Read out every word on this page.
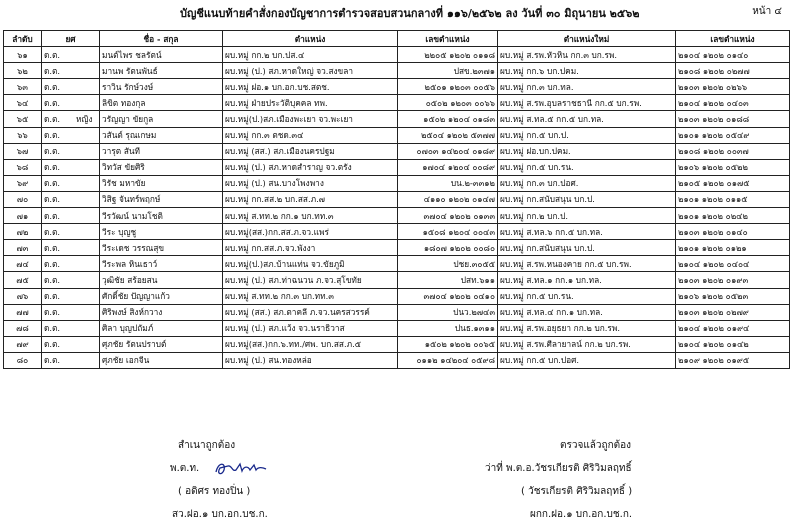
บัญชีแนบท้ายคำสั่งกองบัญชาการตำรวจสอบสวนกลางที่ ๑๑๖/๒๕๖๒ ลง วันที่ ๓๐ มิถุนายน ๒๕๖๒	หน้า ๔
ลำดับ	ยศ		ชื่อ - สกุล	ตำแหน่ง	เลขตำแหน่ง	ตำแหน่งใหม่	เลขตำแหน่ง
๖๑	ด.ต.		มนต์ไพร ชลรัตน์	ผบ.หมู่ กก.๒ บก.ปส.๔	๒๒๐๕ ๑๒๐๒ ๐๑๑๘	ผบ.หมู่ ส.รพ.หัวหิน กก.๓ บก.รพ.	๒๑๐๔ ๑๒๐๒ ๐๑๔๐
๖๒	ด.ต.		มานพ รัตนพันธ์	ผบ.หมู่ (ป.) สภ.หาดใหญ่ จว.สงขลา	ปสข.๒๓๗๑	ผบ.หมู่ กก.๖ บก.ปคม.	๒๑๐๘ ๑๒๐๒ ๐๒๗๗
๖๓	ด.ต.		ราวิน รักษ์วงษ์	ผบ.หมู่ ฝอ.๑ บก.อก.บช.สตช.	๒๕๐๑ ๑๒๐๓ ๐๐๕๖	ผบ.หมู่ กก.๓ บก.ทล.	๒๑๐๓ ๑๒๐๒ ๐๒๖๖
๖๔	ด.ต.		ลิขิต ทองกุล	ผบ.หมู่ ฝ่ายประวัติบุคคล ทพ.	๐๕๐๒ ๑๒๐๓ ๐๐๖๖	ผบ.หมู่ ส.รพ.อุบลราชธานี กก.๕ บก.รพ.	๒๑๐๔ ๑๒๐๒ ๐๔๐๓
๖๕	ด.ต.	หญิง	วรัญญา ขัยกูล	ผบ.หมู่(ป.)สภ.เมืองพะเยา จว.พะเยา	๑๕๐๒ ๑๒๐๔ ๐๑๘๓	ผบ.หมู่ ส.ทล.๕ กก.๕ บก.ทล.	๒๑๐๓ ๑๒๐๒ ๐๑๘๘
๖๖	ด.ต.		วสันต์ รุณเกษม	ผบ.หมู่ กก.๓ ตชด.๓๔	๒๕๐๔ ๑๒๐๒ ๕๓๗๗	ผบ.หมู่ กก.๕ บก.ป.	๒๑๐๑ ๑๒๐๒ ๐๕๔๙
๖๗	ด.ต.		วารุต สันที	ผบ.หมู่ (สส.) สภ.เมืองนครปฐม	๐๗๐๓ ๑๔๒๐๔ ๐๑๘๙	ผบ.หมู่ ฝอ.บก.ปคม.	๒๑๐๘ ๑๒๐๒ ๐๐๓๗
๖๘	ด.ต.		วิทวัส ขัยศิริ	ผบ.หมู่ (ป.) สภ.หาดสำราญ จว.ตรัง	๑๗๐๔ ๑๒๐๔ ๐๐๘๙	ผบ.หมู่ กก.๕ บก.รน.	๒๑๐๖ ๑๒๐๒ ๐๕๒๒
๖๙	ด.ต.		วิรัช มหาขัย	ผบ.หมู่ (ป.) สน.บางโพงพาง	บน.๒-๓๓๑๒	ผบ.หมู่ กก.๓ บก.ปอศ.	๒๑๐๕ ๑๒๐๒ ๐๑๗๕
๗๐	ด.ต.		วิสิฐ จันทร์พฤกษ์	ผบ.หมู่ กก.สส.๒ บก.สส.ภ.๗	๔๑๑๐ ๑๒๐๒ ๐๑๔๗	ผบ.หมู่ กก.สนับสนุน บก.ป.	๒๑๐๑ ๑๒๐๒ ๐๑๑๕
๗๑	ด.ต.		วีรวัฒน์ นามโชติ	ผบ.หมู่ ส.ทท.๒ กก.๑ บก.ทท.๓	๓๗๐๔ ๑๒๐๒ ๐๑๓๓	ผบ.หมู่ กก.๒ บก.ป.	๒๑๐๑ ๑๒๐๒ ๐๒๔๒
๗๒	ด.ต.		วีระ บุญชู	ผบ.หมู่(สส.)กก.สส.ภ.จว.แพร่	๑๕๐๘ ๑๒๐๔ ๐๐๔๓	ผบ.หมู่ ส.ทล.๖ กก.๕ บก.ทล.	๒๑๐๓ ๑๒๐๒ ๐๑๔๐
๗๓	ด.ต.		วีระเดช วรรณสุข	ผบ.หมู่ กก.สส.ภ.จว.พังงา	๑๘๐๗ ๑๒๐๒ ๐๐๘๐	ผบ.หมู่ กก.สนับสนุน บก.ป.	๒๑๐๑ ๑๒๐๒ ๐๑๒๑
๗๔	ด.ต.		วีระพล หินเธาว์	ผบ.หมู่(ป.)สภ.บ้านแท่น จว.ขัยภูมิ	ปชย.๓๐๕๕	ผบ.หมู่ ส.รพ.หนองคาย กก.๕ บก.รพ.	๒๑๐๔ ๑๒๐๒ ๐๔๐๔
๗๕	ด.ต.		วุฒิชัย สร้อยสน	ผบ.หมู่ (ป.) สภ.ท่าฉนวน ภ.จว.สุโขทัย	ปสท.๖๑๑	ผบ.หมู่ ส.ทล.๑ กก.๑ บก.ทล.	๒๑๐๓ ๑๒๐๒ ๐๑๙๓
๗๖	ด.ต.		ศักดิ์ชัย ปัญญาแก้ว	ผบ.หมู่ ส.ทท.๒ กก.๓ บก.ทท.๓	๓๗๐๔ ๑๒๐๒ ๐๔๑๐	ผบ.หมู่ กก.๕ บก.รน.	๒๑๐๖ ๑๒๐๒ ๐๕๒๓
๗๗	ด.ต.		ศิริพงษ์ สิงห์กวาง	ผบ.หมู่ (สส.) สภ.ตาคลี ภ.จว.นครสวรรค์	ปนว.๒๗๔๓	ผบ.หมู่ ส.ทล.๔ กก.๑ บก.ทล.	๒๑๐๓ ๑๒๐๒ ๐๒๗๙
๗๘	ด.ต.		ศิลา บุญปถัมภ์	ผบ.หมู่ (ป.) สภ.แว้ง จว.นราธิวาส	ปนธ.๑๓๑๑	ผบ.หมู่ ส.รพ.อยุธยา กก.๒ บก.รพ.	๒๑๐๔ ๑๒๐๒ ๐๑๙๔
๗๙	ด.ต.		ศุภชัย รัตนปราบต์	ผบ.หมู่(สส.)กก.๖.ทท./ศพ. บก.สส.ภ.๕	๑๕๐๒ ๑๒๐๒ ๐๐๖๕	ผบ.หมู่ ส.รพ.ศีลายาลน์ กก.๒ บก.รพ.	๒๑๐๔ ๑๒๐๒ ๐๑๔๒
๘๐	ด.ต.		ศุภชัย เอกจีน	ผบ.หมู่ (ป.) สน.ทองหล่อ	๐๑๑๒ ๑๔๒๐๔ ๐๕๙๘	ผบ.หมู่ กก.๕ บก.ปอศ.	๒๑๐๙ ๑๒๐๒ ๐๑๙๕
สำเนาถูกต้อง
พ.ต.ท.
( อดิศร ทองปิ่น )
สว.ฝอ.๑ บก.อก.บช.ก.
ตรวจแล้วถูกต้อง
ว่าที่ พ.ต.อ.วัชรเกียรติ ศิริวิมลฤทธิ์
( วัชรเกียรติ ศิริวิมลฤทธิ์ )
ผกก.ฝอ.๑ บก.อก.บช.ก.
